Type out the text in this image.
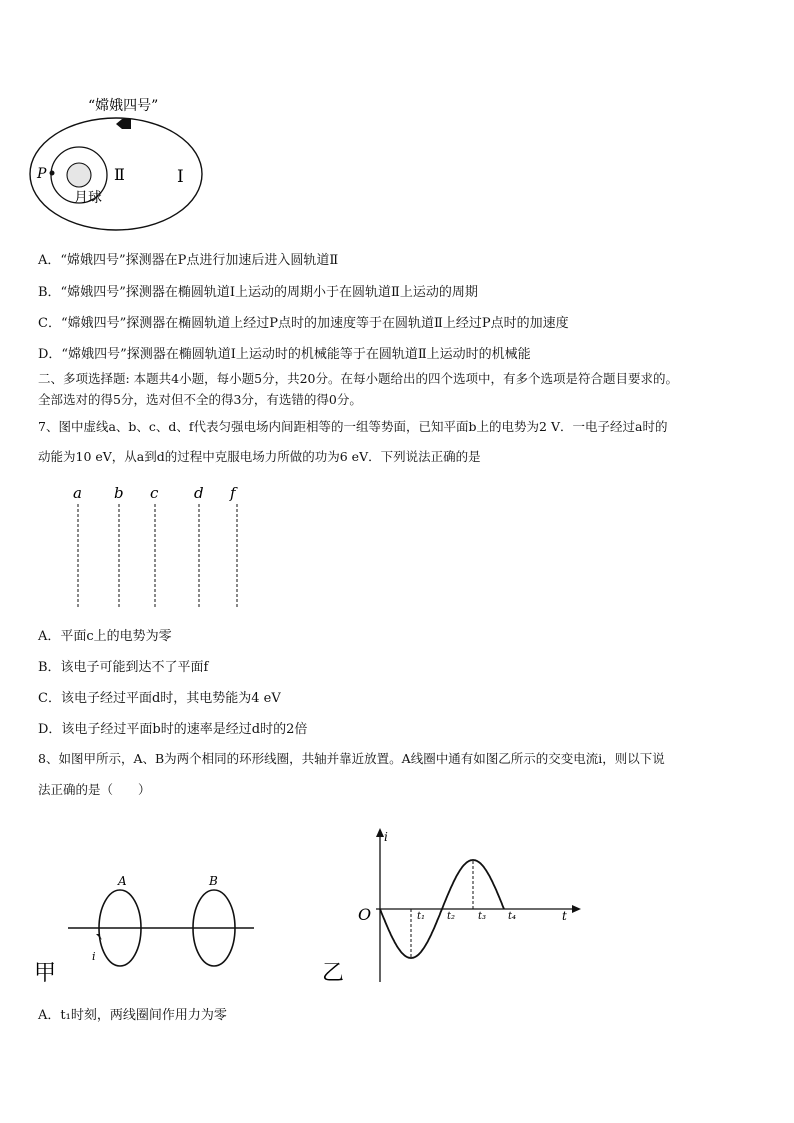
“嫦娥四号”
P	Ⅱ	Ⅰ
月球
A．“嫦娥四号”探测器在P点进行加速后进入圆轨道Ⅱ
B．“嫦娥四号”探测器在椭圆轨道Ⅰ上运动的周期小于在圆轨道Ⅱ上运动的周期
C．“嫦娥四号”探测器在椭圆轨道上经过P点时的加速度等于在圆轨道Ⅱ上经过P点时的加速度
D．“嫦娥四号”探测器在椭圆轨道Ⅰ上运动时的机械能等于在圆轨道Ⅱ上运动时的机械能
二、多项选择题: 本题共4小题，每小题5分，共20分。在每小题给出的四个选项中，有多个选项是符合题目要求的。
全部选对的得5分，选对但不全的得3分，有选错的得0分。
7、图中虚线a、b、c、d、f代表匀强电场内间距相等的一组等势面，已知平面b上的电势为2 V．一电子经过a时的
动能为10 eV，从a到d的过程中克服电场力所做的功为6 eV．下列说法正确的是
a b c d f
A．平面c上的电势为零
B．该电子可能到达不了平面f
C．该电子经过平面d时，其电势能为4 eV
D．该电子经过平面b时的速率是经过d时的2倍
8、如图甲所示，A、B为两个相同的环形线圈，共轴并靠近放置。A线圈中通有如图乙所示的交变电流i，则以下说
法正确的是（　　）
A	B
i
甲
i
t
O	t₁ t₂ t₃ t₄
乙
A．t₁时刻，两线圈间作用力为零
